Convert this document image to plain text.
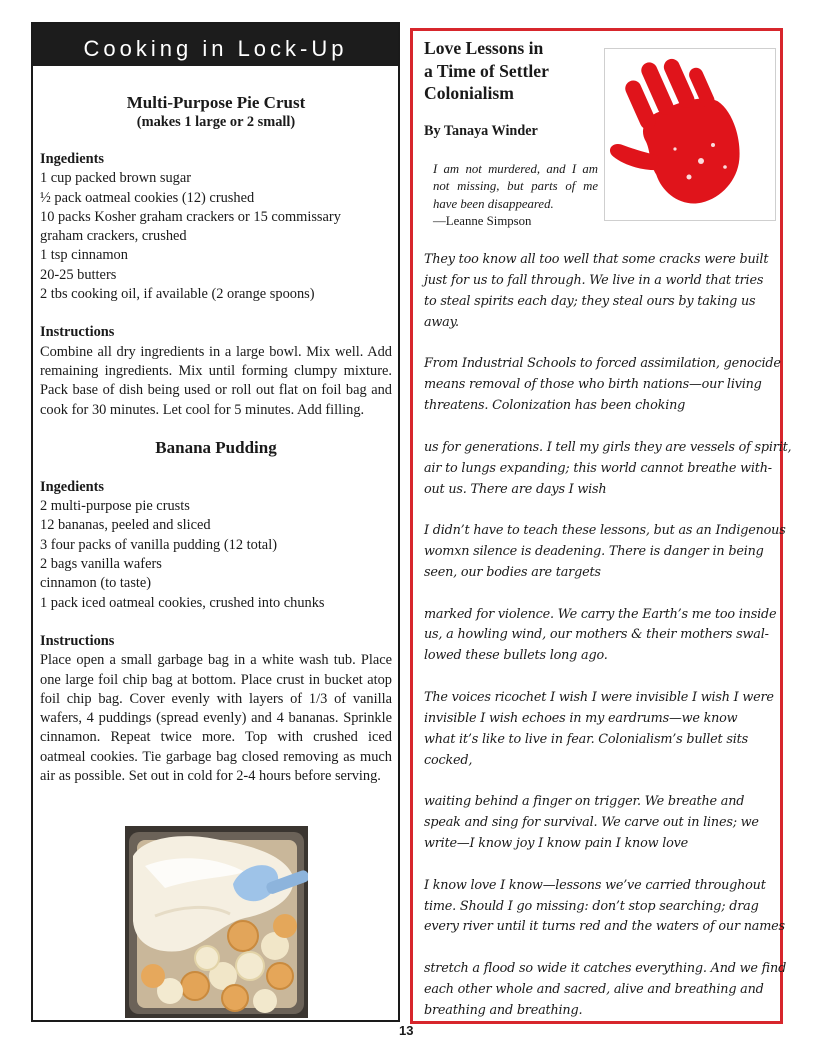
Cooking in Lock-Up

Multi-Purpose Pie Crust

(makes 1 large or 2 small)

Ingedients

1 cup packed brown sugar
½ pack oatmeal cookies (12) crushed
10 packs Kosher graham crackers or 15 commissary
graham crackers, crushed
1 tsp cinnamon
20-25 butters
2 tbs cooking oil, if available (2 orange spoons)

Instructions

Combine all dry ingredients in a large bowl. Mix well. Add remaining ingredients. Mix until forming clumpy mixture. Pack base of dish being used or roll out flat on foil bag and cook for 30 minutes. Let cool for 5 minutes. Add filling.

Banana Pudding

Ingedients

2 multi-purpose pie crusts
12 bananas, peeled and sliced
3 four packs of vanilla pudding (12 total)
2 bags vanilla wafers
cinnamon (to taste)
1 pack iced oatmeal cookies, crushed into chunks

Instructions

Place open a small garbage bag in a white wash tub. Place one large foil chip bag at bottom. Place crust in bucket atop foil chip bag. Cover evenly with layers of 1/3 of vanilla wafers, 4 puddings (spread evenly) and 4 bananas. Sprinkle cinnamon. Repeat twice more. Top with crushed iced oatmeal cookies. Tie garbage bag closed removing as much air as possible. Set out in cold for 2-4 hours before serving.

Love Lessons in
a Time of Settler
Colonialism
By Tanaya Winder
I am not murdered, and I am not missing, but parts of me have been disappeared.
—Leanne Simpson
They too know all too well that some cracks were built
just for us to fall through. We live in a world that tries
to steal spirits each day; they steal ours by taking us
away.
From Industrial Schools to forced assimilation, genocide
means removal of those who birth nations—our living
threatens. Colonization has been choking
us for generations. I tell my girls they are vessels of spirit,
air to lungs expanding; this world cannot breathe with-
out us. There are days I wish
I didn’t have to teach these lessons, but as an Indigenous
womxn silence is deadening. There is danger in being
seen, our bodies are targets
marked for violence. We carry the Earth’s me too inside
us, a howling wind, our mothers & their mothers swal-
lowed these bullets long ago.
The voices ricochet I wish I were invisible I wish I were
invisible I wish echoes in my eardrums—we know
what it’s like to live in fear. Colonialism’s bullet sits
cocked,
waiting behind a finger on trigger. We breathe and
speak and sing for survival. We carve out in lines; we
write—I know joy I know pain I know love
I know love I know—lessons we’ve carried throughout
time. Should I go missing: don’t stop searching; drag
every river until it turns red and the waters of our names
stretch a flood so wide it catches everything. And we find
each other whole and sacred, alive and breathing and
breathing and breathing.
13
